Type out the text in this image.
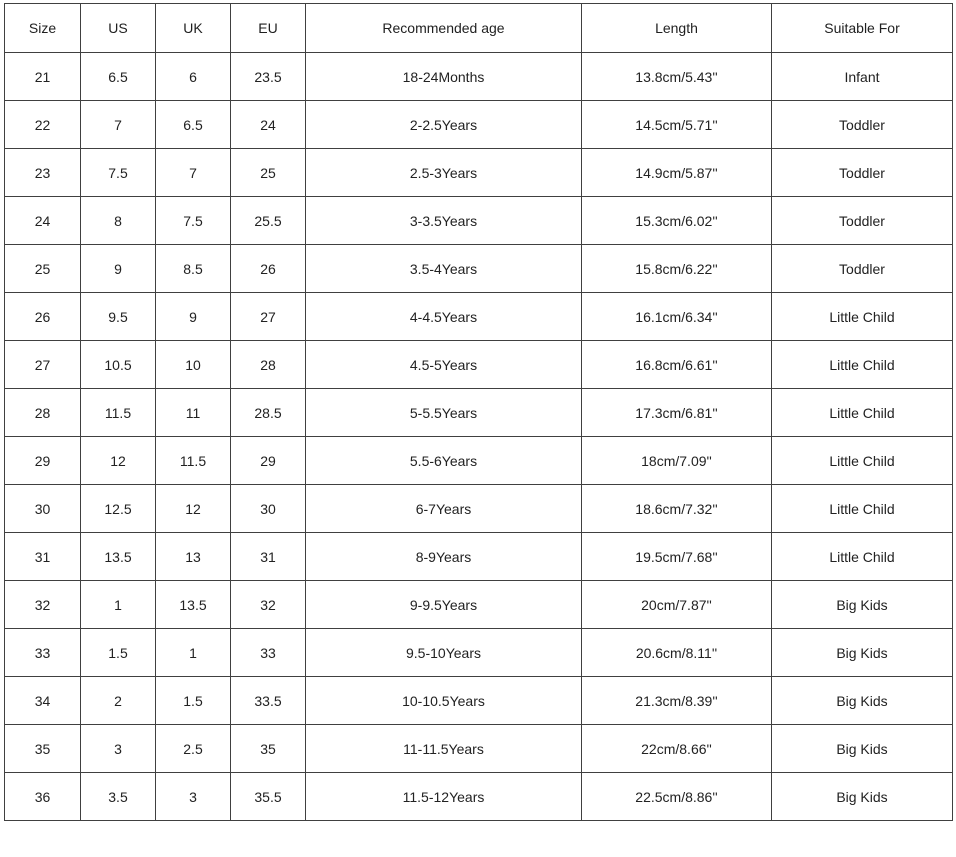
Size	US	UK	EU	Recommended age	Length	Suitable For
21	6.5	6	23.5	18-24Months	13.8cm/5.43''	Infant
22	7	6.5	24	2-2.5Years	14.5cm/5.71''	Toddler
23	7.5	7	25	2.5-3Years	14.9cm/5.87''	Toddler
24	8	7.5	25.5	3-3.5Years	15.3cm/6.02''	Toddler
25	9	8.5	26	3.5-4Years	15.8cm/6.22''	Toddler
26	9.5	9	27	4-4.5Years	16.1cm/6.34''	Little Child
27	10.5	10	28	4.5-5Years	16.8cm/6.61''	Little Child
28	11.5	11	28.5	5-5.5Years	17.3cm/6.81''	Little Child
29	12	11.5	29	5.5-6Years	18cm/7.09''	Little Child
30	12.5	12	30	6-7Years	18.6cm/7.32''	Little Child
31	13.5	13	31	8-9Years	19.5cm/7.68''	Little Child
32	1	13.5	32	9-9.5Years	20cm/7.87''	Big Kids
33	1.5	1	33	9.5-10Years	20.6cm/8.11''	Big Kids
34	2	1.5	33.5	10-10.5Years	21.3cm/8.39''	Big Kids
35	3	2.5	35	11-11.5Years	22cm/8.66''	Big Kids
36	3.5	3	35.5	11.5-12Years	22.5cm/8.86''	Big Kids
